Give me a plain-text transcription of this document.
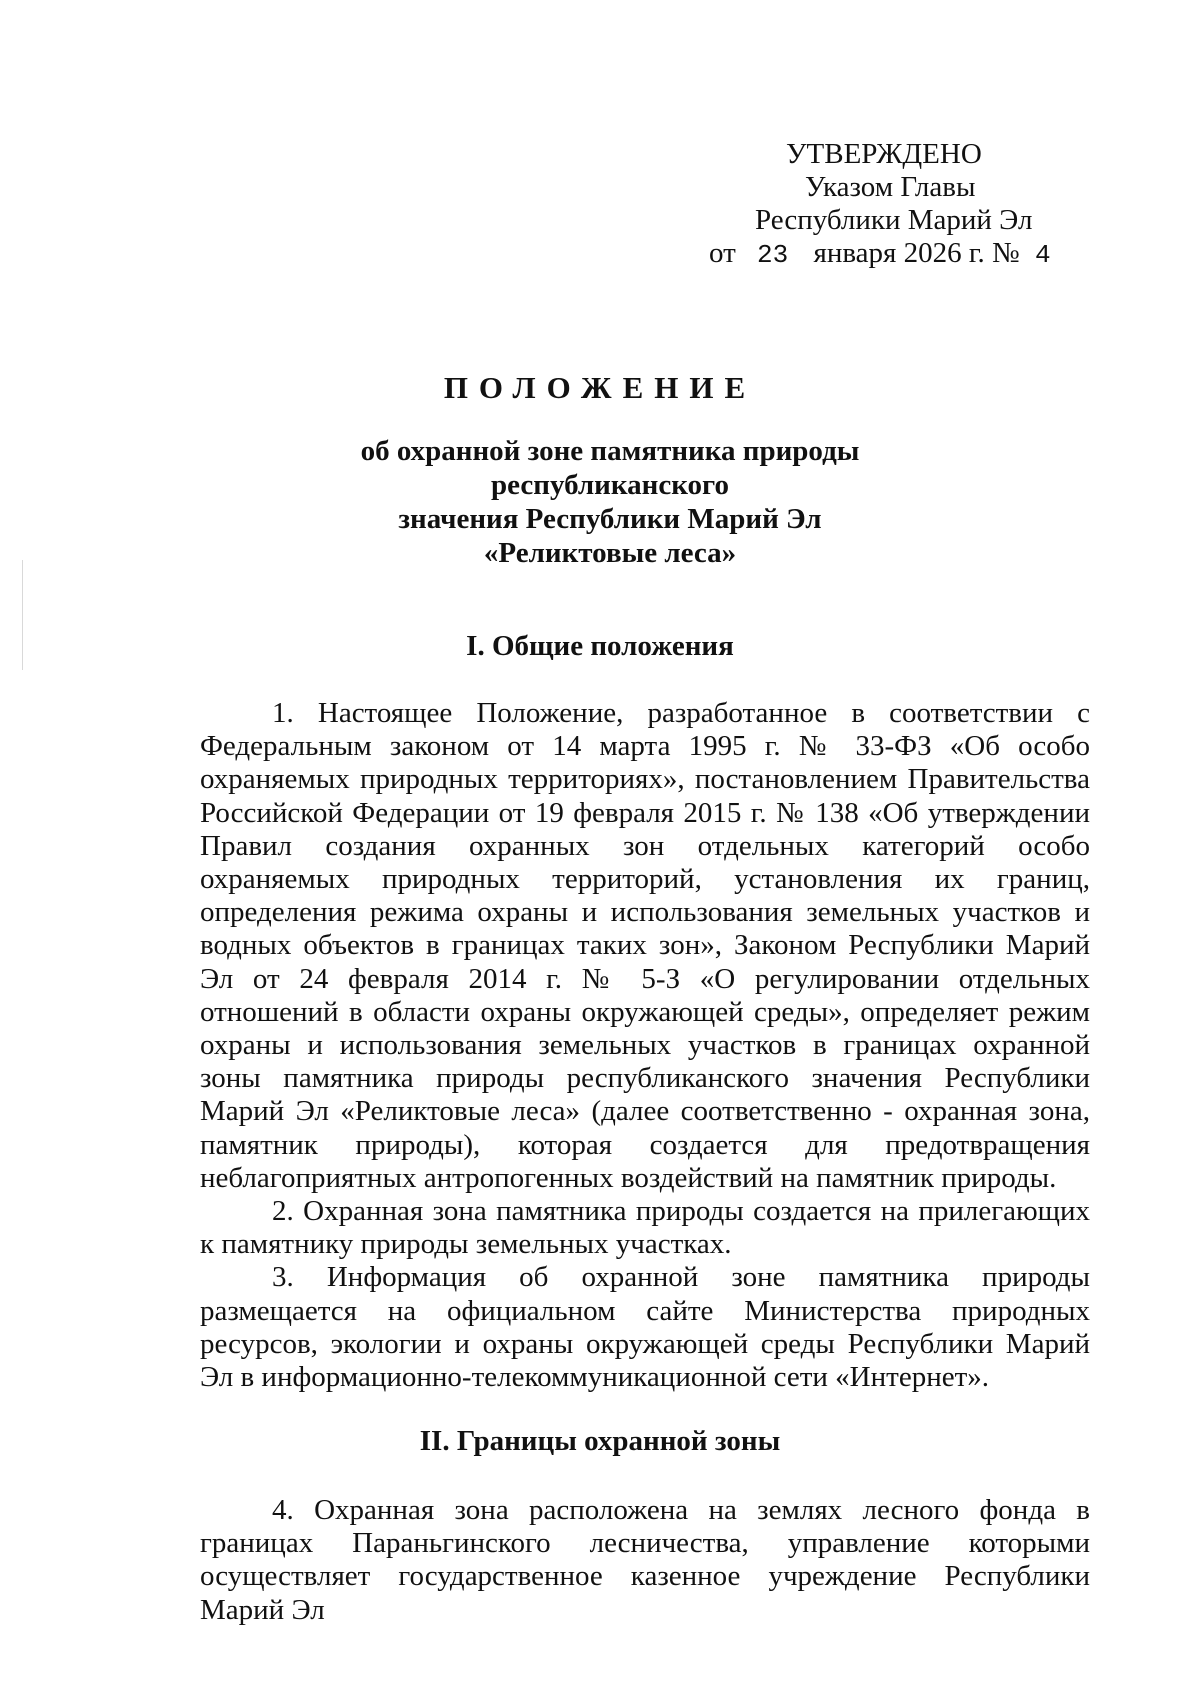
УТВЕРЖДЕНО
Указом Главы
Республики Марий Эл
от 23 января 2026 г. № 4
ПОЛОЖЕНИЕ
об охранной зоне памятника природы республиканского
значения Республики Марий Эл
«Реликтовые леса»
I. Общие положения

1. Настоящее Положение, разработанное в соответствии с Федеральным законом от 14 марта 1995 г. № 33-ФЗ «Об особо охраняемых природных территориях», постановлением Правительства Российской Федерации от 19 февраля 2015 г. № 138 «Об утверждении Правил создания охранных зон отдельных категорий особо охраняемых природных территорий, установления их границ, определения режима охраны и использования земельных участков и водных объектов в границах таких зон», Законом Республики Марий Эл от 24 февраля 2014 г. № 5-З «О регулировании отдельных отношений в области охраны окружающей среды», определяет режим охраны и использования земельных участков в границах охранной зоны памятника природы республиканского значения Республики Марий Эл «Реликтовые леса» (далее соответственно - охранная зона, памятник природы), которая создается для предотвращения неблагоприятных антропогенных воздействий на памятник природы.

2. Охранная зона памятника природы создается на прилегающих к памятнику природы земельных участках.

3. Информация об охранной зоне памятника природы размещается на официальном сайте Министерства природных ресурсов, экологии и охраны окружающей среды Республики Марий Эл в информационно-телекоммуникационной сети «Интернет».

II. Границы охранной зоны

4. Охранная зона расположена на землях лесного фонда в границах Параньгинского лесничества, управление которыми осуществляет государственное казенное учреждение Республики Марий Эл
